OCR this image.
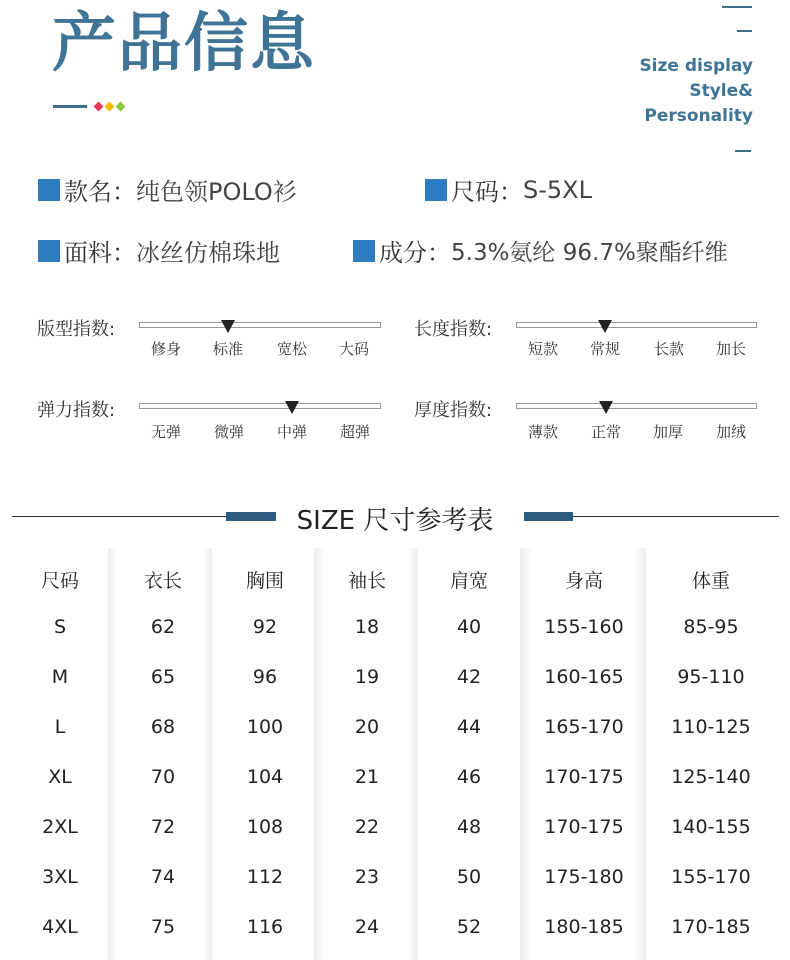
产品信息	Size display
Style&
Personality
款名： 纯色领POLO衫	尺码： S-5XL
面料： 冰丝仿棉珠地	成分： 5.3%氨纶 96.7%聚酯纤维
版型指数:
修身 标准 宽松 大码
长度指数:
短款 常规 长款 加长
弹力指数:
无弹 微弹 中弹 超弹
厚度指数:
薄款 正常 加厚 加绒
SIZE 尺寸参考表
尺码	衣长	胸围	袖长	肩宽	身高	体重
S	62	92	18	40	155-160	85-95
M	65	96	19	42	160-165	95-110
L	68	100	20	44	165-170	110-125
XL	70	104	21	46	170-175	125-140
2XL	72	108	22	48	170-175	140-155
3XL	74	112	23	50	175-180	155-170
4XL	75	116	24	52	180-185	170-185
